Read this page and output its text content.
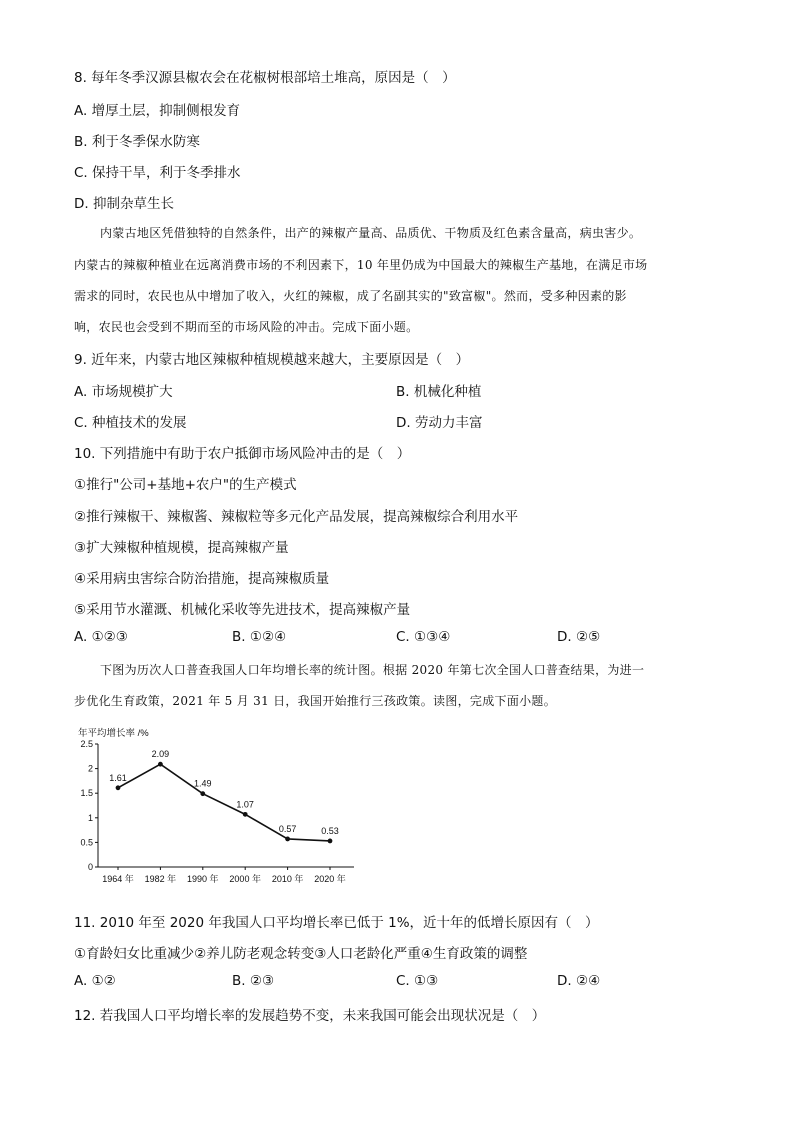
8. 每年冬季汉源县椒农会在花椒树根部培土堆高，原因是（　）
A. 增厚土层，抑制侧根发育
B. 利于冬季保水防寒
C. 保持干旱，利于冬季排水
D. 抑制杂草生长
内蒙古地区凭借独特的自然条件，出产的辣椒产量高、品质优、干物质及红色素含量高，病虫害少。
内蒙古的辣椒种植业在远离消费市场的不利因素下，10 年里仍成为中国最大的辣椒生产基地，在满足市场
需求的同时，农民也从中增加了收入，火红的辣椒，成了名副其实的"致富椒"。然而，受多种因素的影
响，农民也会受到不期而至的市场风险的冲击。完成下面小题。
9. 近年来，内蒙古地区辣椒种植规模越来越大，主要原因是（　）
A. 市场规模扩大	B. 机械化种植
C. 种植技术的发展	D. 劳动力丰富
10. 下列措施中有助于农户抵御市场风险冲击的是（　）
①推行"公司+基地+农户"的生产模式
②推行辣椒干、辣椒酱、辣椒粒等多元化产品发展，提高辣椒综合利用水平
③扩大辣椒种植规模，提高辣椒产量
④采用病虫害综合防治措施，提高辣椒质量
⑤采用节水灌溉、机械化采收等先进技术，提高辣椒产量
A. ①②③	B. ①②④	C. ①③④	D. ②⑤
下图为历次人口普查我国人口年均增长率的统计图。根据 2020 年第七次全国人口普查结果，为进一
步优化生育政策，2021 年 5 月 31 日，我国开始推行三孩政策。读图，完成下面小题。
年平均增长率 /%
0
0.5
1
1.5
2
2.5
1964 年 1982 年 1990 年 2000 年 2010 年 2020 年
1.61
2.09
1.49
1.07
0.57	0.53
11. 2010 年至 2020 年我国人口平均增长率已低于 1%，近十年的低增长原因有（　）
①育龄妇女比重减少②养儿防老观念转变③人口老龄化严重④生育政策的调整
A. ①②	B. ②③	C. ①③	D. ②④
12. 若我国人口平均增长率的发展趋势不变，未来我国可能会出现状况是（　）
